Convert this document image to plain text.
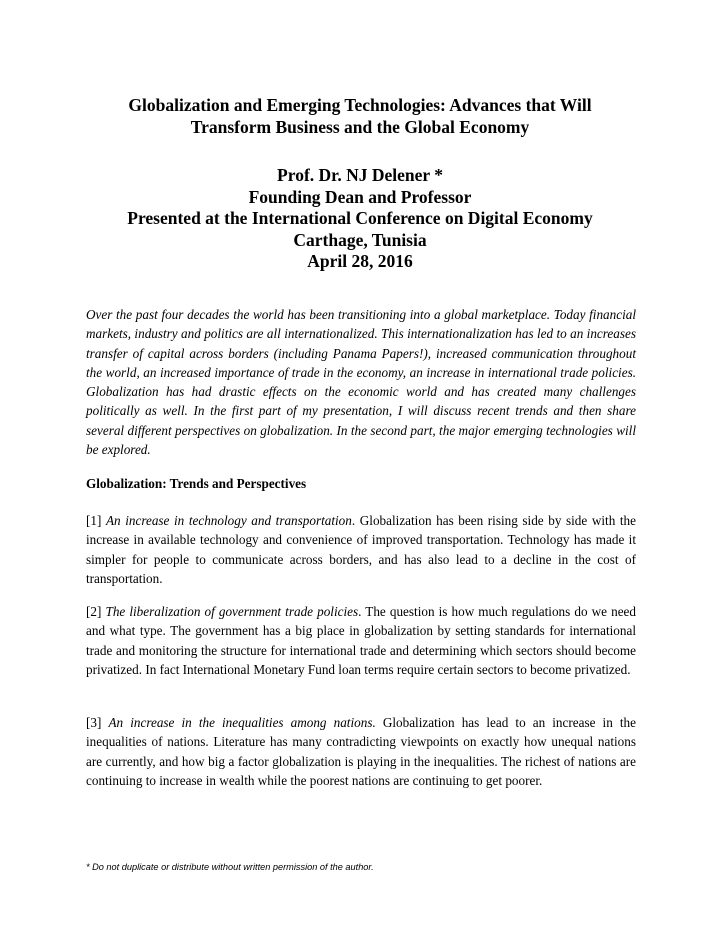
Globalization and Emerging Technologies: Advances that Will
Transform Business and the Global Economy
Prof. Dr. NJ Delener *
Founding Dean and Professor
Presented at the International Conference on Digital Economy
Carthage, Tunisia
April 28, 2016

Over the past four decades the world has been transitioning into a global marketplace. Today financial markets, industry and politics are all internationalized. This internationalization has led to an increases transfer of capital across borders (including Panama Papers!), increased communication throughout the world, an increased importance of trade in the economy, an increase in international trade policies. Globalization has had drastic effects on the economic world and has created many challenges politically as well. In the first part of my presentation, I will discuss recent trends and then share several different perspectives on globalization. In the second part, the major emerging technologies will be explored.

Globalization: Trends and Perspectives

[1] An increase in technology and transportation. Globalization has been rising side by side with the increase in available technology and convenience of improved transportation. Technology has made it simpler for people to communicate across borders, and has also lead to a decline in the cost of transportation.

[2] The liberalization of government trade policies. The question is how much regulations do we need and what type. The government has a big place in globalization by setting standards for international trade and monitoring the structure for international trade and determining which sectors should become privatized. In fact International Monetary Fund loan terms require certain sectors to become privatized.

[3] An increase in the inequalities among nations. Globalization has lead to an increase in the inequalities of nations. Literature has many contradicting viewpoints on exactly how unequal nations are currently, and how big a factor globalization is playing in the inequalities. The richest of nations are continuing to increase in wealth while the poorest nations are continuing to get poorer.

* Do not duplicate or distribute without written permission of the author.
